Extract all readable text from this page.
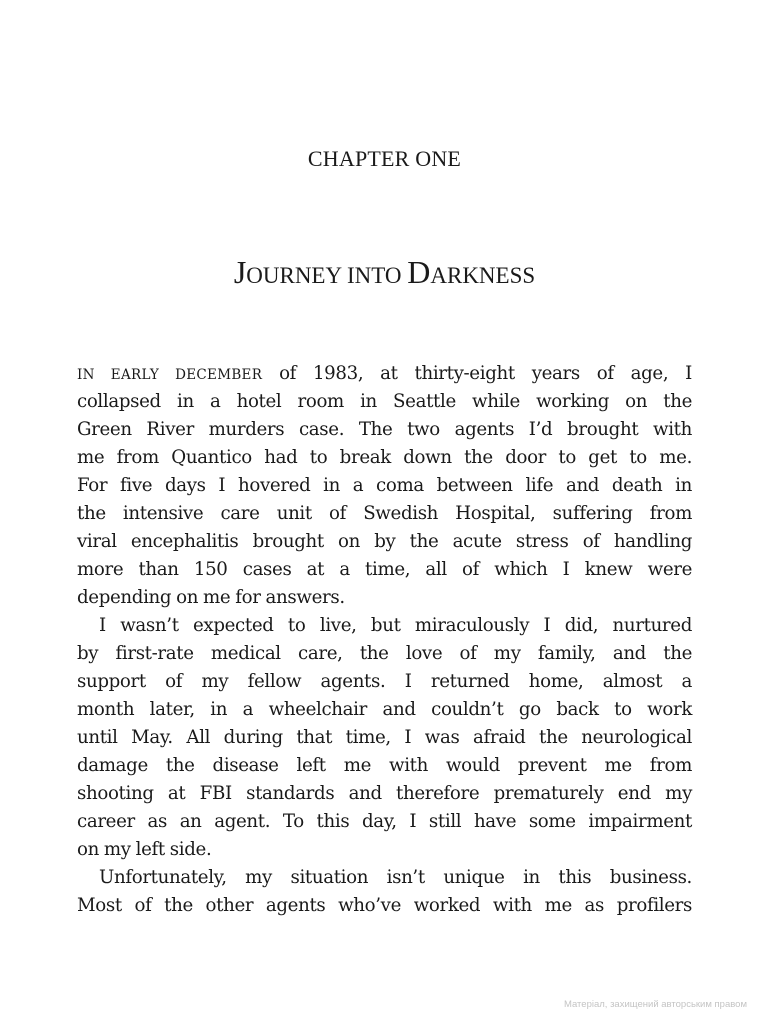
CHAPTER ONE
JOURNEY INTO DARKNESS
IN EARLY DECEMBER of 1983, at thirty-eight years of age, I
collapsed in a hotel room in Seattle while working on the
Green River murders case. The two agents I’d brought with
me from Quantico had to break down the door to get to me.
For five days I hovered in a coma between life and death in
the intensive care unit of Swedish Hospital, suffering from
viral encephalitis brought on by the acute stress of handling
more than 150 cases at a time, all of which I knew were
depending on me for answers.
I wasn’t expected to live, but miraculously I did, nurtured
by first-rate medical care, the love of my family, and the
support of my fellow agents. I returned home, almost a
month later, in a wheelchair and couldn’t go back to work
until May. All during that time, I was afraid the neurological
damage the disease left me with would prevent me from
shooting at FBI standards and therefore prematurely end my
career as an agent. To this day, I still have some impairment
on my left side.
Unfortunately, my situation isn’t unique in this business.
Most of the other agents who’ve worked with me as profilers
Матеріал, захищений авторським правом
